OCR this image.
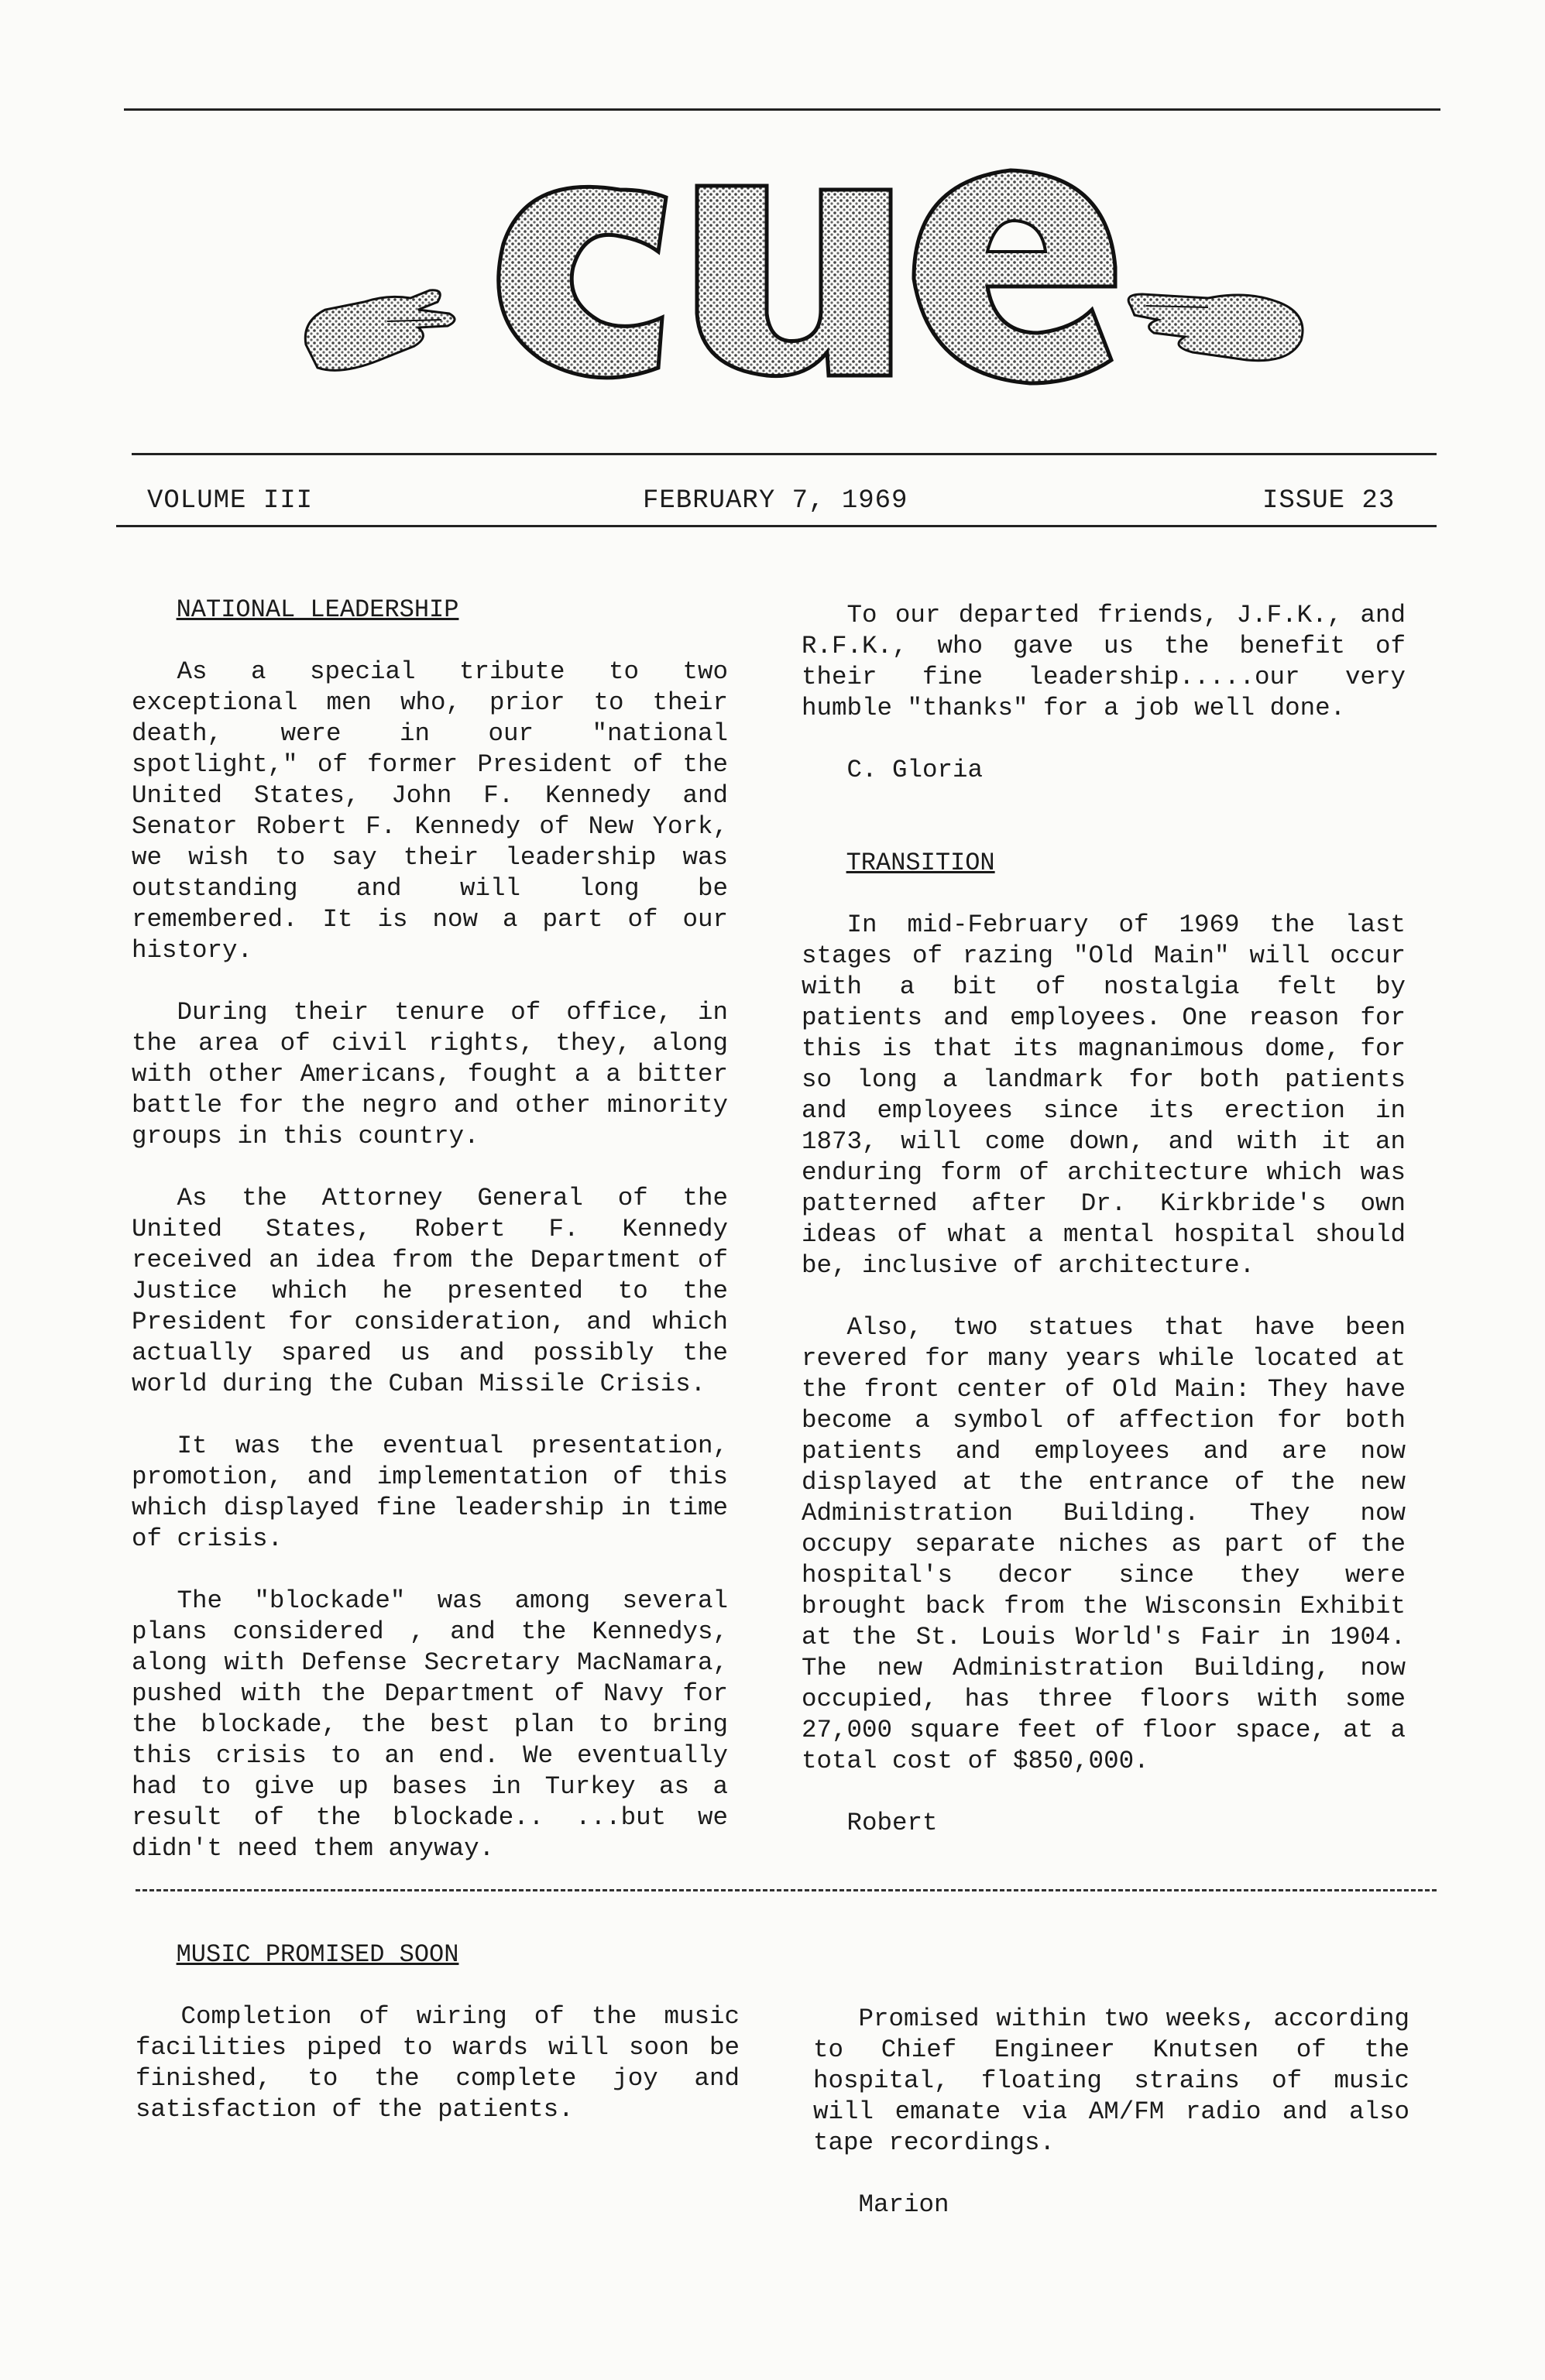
VOLUME III	FEBRUARY 7, 1969	ISSUE 23

NATIONAL LEADERSHIP

As a special tribute to two exceptional men who, prior to their death, were in our "national spotlight," of former President of the United States, John F. Kennedy and Senator Robert F. Kennedy of New York, we wish to say their leadership was outstanding and will long be remembered. It is now a part of our history.

During their tenure of office, in the area of civil rights, they, along with other Americans, fought a a bitter battle for the negro and other minority groups in this country.

As the Attorney General of the United States, Robert F. Kennedy received an idea from the Department of Justice which he presented to the President for consideration, and which actually spared us and possibly the world during the Cuban Missile Crisis.

It was the eventual presentation, promotion, and implementation of this which displayed fine leadership in time of crisis.

The "blockade" was among several plans considered , and the Kennedys, along with Defense Secretary MacNamara, pushed with the Department of Navy for the blockade, the best plan to bring this crisis to an end. We eventually had to give up bases in Turkey as a result of the blockade.. ...but we didn't need them anyway.

To our departed friends, J.F.K., and R.F.K., who gave us the benefit of their fine leadership.....our very humble "thanks" for a job well done.

C. Gloria

TRANSITION

In mid-February of 1969 the last stages of razing "Old Main" will occur with a bit of nostalgia felt by patients and employees. One reason for this is that its magnanimous dome, for so long a landmark for both patients and employees since its erection in 1873, will come down, and with it an enduring form of architecture which was patterned after Dr. Kirkbride's own ideas of what a mental hospital should be, inclusive of architecture.

Also, two statues that have been revered for many years while located at the front center of Old Main: They have become a symbol of affection for both patients and employees and are now displayed at the entrance of the new Administration Building. They now occupy separate niches as part of the hospital's decor since they were brought back from the Wisconsin Exhibit at the St. Louis World's Fair in 1904. The new Administration Building, now occupied, has three floors with some 27,000 square feet of floor space, at a total cost of $850,000.

Robert

MUSIC PROMISED SOON

Completion of wiring of the music facilities piped to wards will soon be finished, to the complete joy and satisfaction of the patients.

Promised within two weeks, according to Chief Engineer Knutsen of the hospital, floating strains of music will emanate via AM/FM radio and also tape recordings.

Marion
